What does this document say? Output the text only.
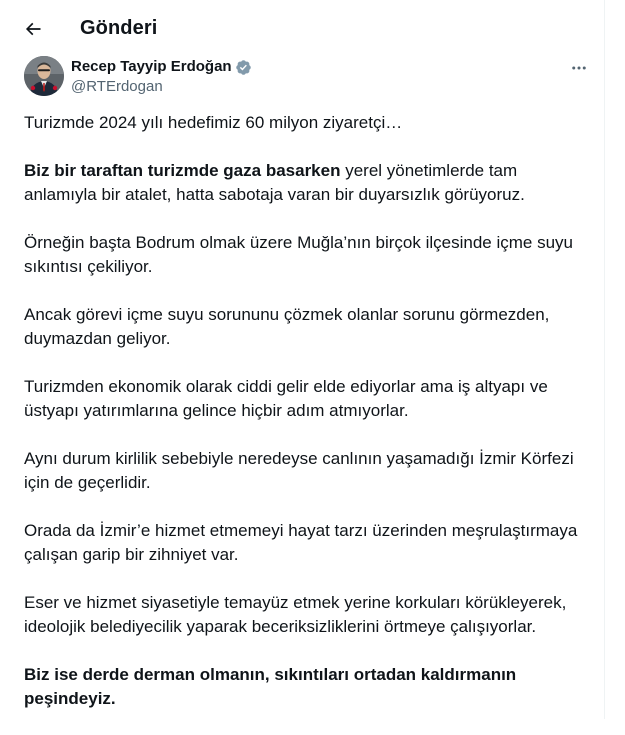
Gönderi
Recep Tayyip Erdoğan
@RTErdogan

Turizmde 2024 yılı hedefimiz 60 milyon ziyaretçi…

Biz bir taraftan turizmde gaza basarken yerel yönetimlerde tam anlamıyla bir atalet, hatta sabotaja varan bir duyarsızlık görüyoruz.

Örneğin başta Bodrum olmak üzere Muğla’nın birçok ilçesinde içme suyu sıkıntısı çekiliyor.

Ancak görevi içme suyu sorununu çözmek olanlar sorunu görmezden, duymazdan geliyor.

Turizmden ekonomik olarak ciddi gelir elde ediyorlar ama iş altyapı ve üstyapı yatırımlarına gelince hiçbir adım atmıyorlar.

Aynı durum kirlilik sebebiyle neredeyse canlının yaşamadığı İzmir Körfezi için de geçerlidir.

Orada da İzmir’e hizmet etmemeyi hayat tarzı üzerinden meşrulaştırmaya çalışan garip bir zihniyet var.

Eser ve hizmet siyasetiyle temayüz etmek yerine korkuları körükleyerek, ideolojik belediyecilik yaparak beceriksizliklerini örtmeye çalışıyorlar.

Biz ise derde derman olmanın, sıkıntıları ortadan kaldırmanın peşindeyiz.
